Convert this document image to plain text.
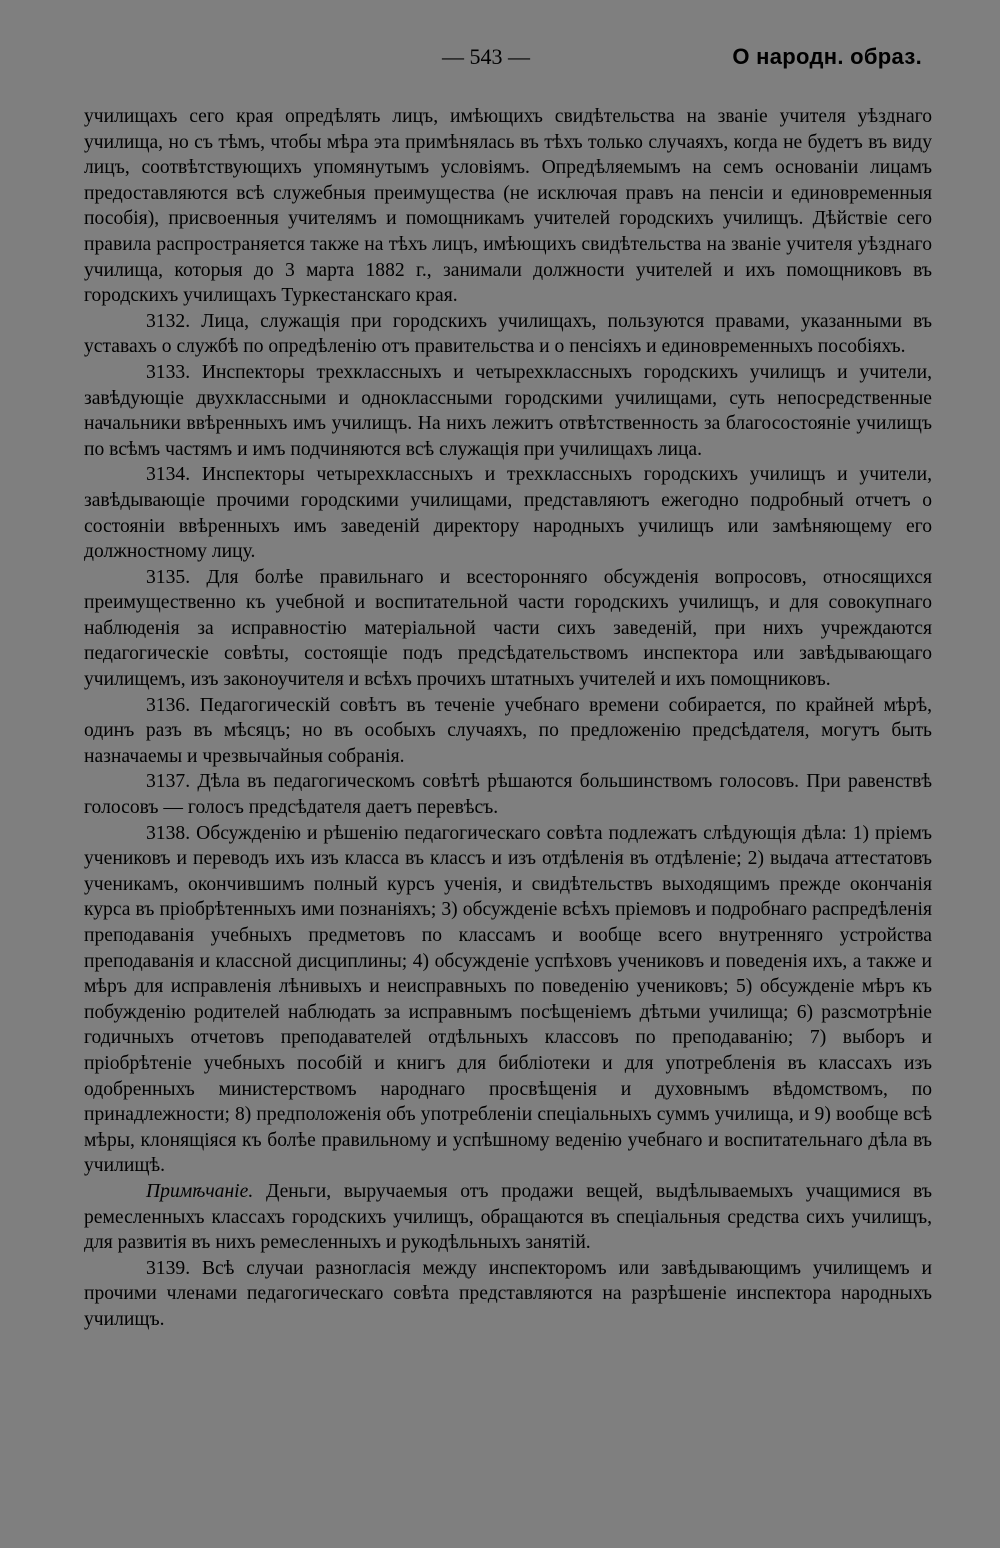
— 543 —	О народн. образ.

училищахъ сего края опредѣлять лицъ, имѣющихъ свидѣтельства на званіе учителя уѣзднаго училища, но съ тѣмъ, чтобы мѣра эта примѣнялась въ тѣхъ только случаяхъ, когда не будетъ въ виду лицъ, соотвѣтствующихъ упомянутымъ условіямъ. Опредѣляемымъ на семъ основаніи лицамъ предоставляются всѣ служебныя преимущества (не исключая правъ на пенсіи и единовременныя пособія), присвоенныя учителямъ и помощникамъ учителей городскихъ училищъ. Дѣйствіе сего правила распространяется также на тѣхъ лицъ, имѣющихъ свидѣтельства на званіе учителя уѣзднаго училища, которыя до 3 марта 1882 г., занимали должности учителей и ихъ помощниковъ въ городскихъ училищахъ Туркестанскаго края.

3132. Лица, служащія при городскихъ училищахъ, пользуются правами, указанными въ уставахъ о службѣ по опредѣленію отъ правительства и о пенсіяхъ и единовременныхъ пособіяхъ.

3133. Инспекторы трехклассныхъ и четырехклассныхъ городскихъ училищъ и учители, завѣдующіе двухклассными и одноклассными городскими училищами, суть непосредственные начальники ввѣренныхъ имъ училищъ. На нихъ лежитъ отвѣтственность за благосостояніе училищъ по всѣмъ частямъ и имъ подчиняются всѣ служащія при училищахъ лица.

3134. Инспекторы четырехклассныхъ и трехклассныхъ городскихъ училищъ и учители, завѣдывающіе прочими городскими училищами, представляютъ ежегодно подробный отчетъ о состояніи ввѣренныхъ имъ заведеній директору народныхъ училищъ или замѣняющему его должностному лицу.

3135. Для болѣе правильнаго и всесторонняго обсужденія вопросовъ, относящихся преимущественно къ учебной и воспитательной части городскихъ училищъ, и для совокупнаго наблюденія за исправностію матеріальной части сихъ заведеній, при нихъ учреждаются педагогическіе совѣты, состоящіе подъ предсѣдательствомъ инспектора или завѣдывающаго училищемъ, изъ законоучителя и всѣхъ прочихъ штатныхъ учителей и ихъ помощниковъ.

3136. Педагогическій совѣтъ въ теченіе учебнаго времени собирается, по крайней мѣрѣ, одинъ разъ въ мѣсяцъ; но въ особыхъ случаяхъ, по предложенію предсѣдателя, могутъ быть назначаемы и чрезвычайныя собранія.

3137. Дѣла въ педагогическомъ совѣтѣ рѣшаются большинствомъ голосовъ. При равенствѣ голосовъ — голосъ предсѣдателя даетъ перевѣсъ.

3138. Обсужденію и рѣшенію педагогическаго совѣта подлежатъ слѣдующія дѣла: 1) пріемъ учениковъ и переводъ ихъ изъ класса въ классъ и изъ отдѣленія въ отдѣленіе; 2) выдача аттестатовъ ученикамъ, окончившимъ полный курсъ ученія, и свидѣтельствъ выходящимъ прежде окончанія курса въ пріобрѣтенныхъ ими познаніяхъ; 3) обсужденіе всѣхъ пріемовъ и подробнаго распредѣленія преподаванія учебныхъ предметовъ по классамъ и вообще всего внутренняго устройства преподаванія и классной дисциплины; 4) обсужденіе успѣховъ учениковъ и поведенія ихъ, а также и мѣръ для исправленія лѣнивыхъ и неисправныхъ по поведенію учениковъ; 5) обсужденіе мѣръ къ побужденію родителей наблюдать за исправнымъ посѣщеніемъ дѣтьми училища; 6) разсмотрѣніе годичныхъ отчетовъ преподавателей отдѣльныхъ классовъ по преподаванію; 7) выборъ и пріобрѣтеніе учебныхъ пособій и книгъ для библіотеки и для употребленія въ классахъ изъ одобренныхъ министерствомъ народнаго просвѣщенія и духовнымъ вѣдомствомъ, по принадлежности; 8) предположенія объ употребленіи спеціальныхъ суммъ училища, и 9) вообще всѣ мѣры, клонящіяся къ болѣе правильному и успѣшному веденію учебнаго и воспитательнаго дѣла въ училищѣ.

Примѣчаніе. Деньги, выручаемыя отъ продажи вещей, выдѣлываемыхъ учащимися въ ремесленныхъ классахъ городскихъ училищъ, обращаются въ спеціальныя средства сихъ училищъ, для развитія въ нихъ ремесленныхъ и рукодѣльныхъ занятій.

3139. Всѣ случаи разногласія между инспекторомъ или завѣдывающимъ училищемъ и прочими членами педагогическаго совѣта представляются на разрѣшеніе инспектора народныхъ училищъ.
